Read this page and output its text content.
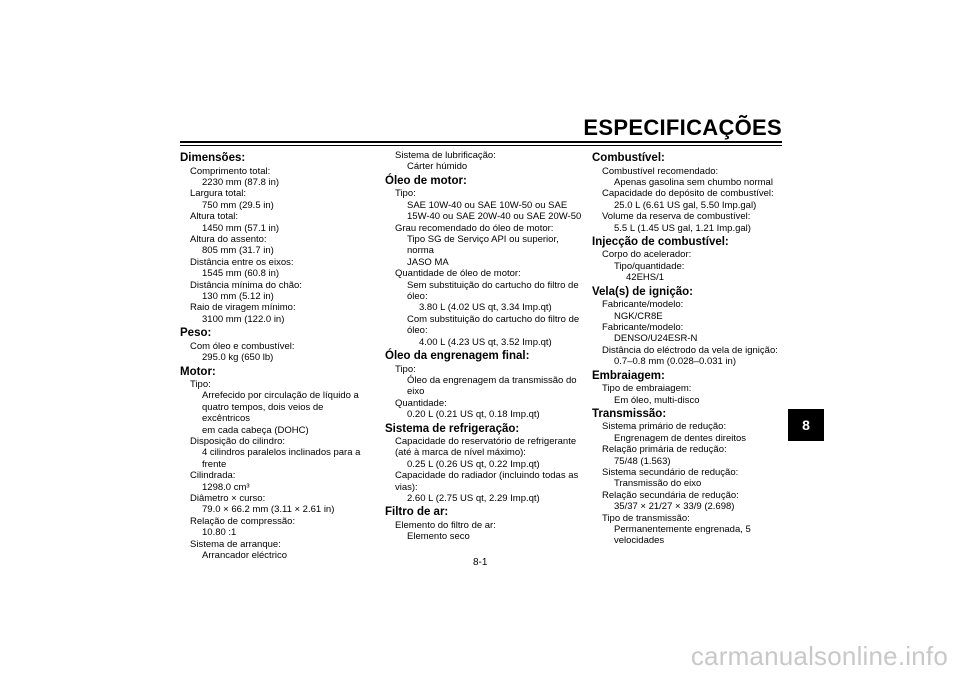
ESPECIFICAÇÕES
Dimensões:
Comprimento total:
2230 mm (87.8 in)
Largura total:
750 mm (29.5 in)
Altura total:
1450 mm (57.1 in)
Altura do assento:
805 mm (31.7 in)
Distância entre os eixos:
1545 mm (60.8 in)
Distância mínima do chão:
130 mm (5.12 in)
Raio de viragem mínimo:
3100 mm (122.0 in)
Peso:
Com óleo e combustível:
295.0 kg (650 lb)
Motor:
Tipo:
Arrefecido por circulação de líquido a
quatro tempos, dois veios de excêntricos
em cada cabeça (DOHC)
Disposição do cilindro:
4 cilindros paralelos inclinados para a
frente
Cilindrada:
1298.0 cm³
Diâmetro × curso:
79.0 × 66.2 mm (3.11 × 2.61 in)
Relação de compressão:
10.80 :1
Sistema de arranque:
Arrancador eléctrico
Sistema de lubrificação:
Cárter húmido
Óleo de motor:
Tipo:
SAE 10W-40 ou SAE 10W-50 ou SAE
15W-40 ou SAE 20W-40 ou SAE 20W-50
Grau recomendado do óleo de motor:
Tipo SG de Serviço API ou superior, norma
JASO MA
Quantidade de óleo de motor:
Sem substituição do cartucho do filtro de
óleo:
3.80 L (4.02 US qt, 3.34 Imp.qt)
Com substituição do cartucho do filtro de
óleo:
4.00 L (4.23 US qt, 3.52 Imp.qt)
Óleo da engrenagem final:
Tipo:
Óleo da engrenagem da transmissão do
eixo
Quantidade:
0.20 L (0.21 US qt, 0.18 Imp.qt)
Sistema de refrigeração:
Capacidade do reservatório de refrigerante
(até à marca de nível máximo):
0.25 L (0.26 US qt, 0.22 Imp.qt)
Capacidade do radiador (incluindo todas as
vias):
2.60 L (2.75 US qt, 2.29 Imp.qt)
Filtro de ar:
Elemento do filtro de ar:
Elemento seco
Combustível:
Combustível recomendado:
Apenas gasolina sem chumbo normal
Capacidade do depósito de combustível:
25.0 L (6.61 US gal, 5.50 Imp.gal)
Volume da reserva de combustível:
5.5 L (1.45 US gal, 1.21 Imp.gal)
Injecção de combustível:
Corpo do acelerador:
Tipo/quantidade:
42EHS/1
Vela(s) de ignição:
Fabricante/modelo:
NGK/CR8E
Fabricante/modelo:
DENSO/U24ESR-N
Distância do eléctrodo da vela de ignição:
0.7–0.8 mm (0.028–0.031 in)
Embraiagem:
Tipo de embraiagem:
Em óleo, multi-disco
Transmissão:
Sistema primário de redução:
Engrenagem de dentes direitos
Relação primária de redução:
75/48 (1.563)
Sistema secundário de redução:
Transmissão do eixo
Relação secundária de redução:
35/37 × 21/27 × 33/9 (2.698)
Tipo de transmissão:
Permanentemente engrenada, 5
velocidades
8
8-1
carmanualsonline.info
